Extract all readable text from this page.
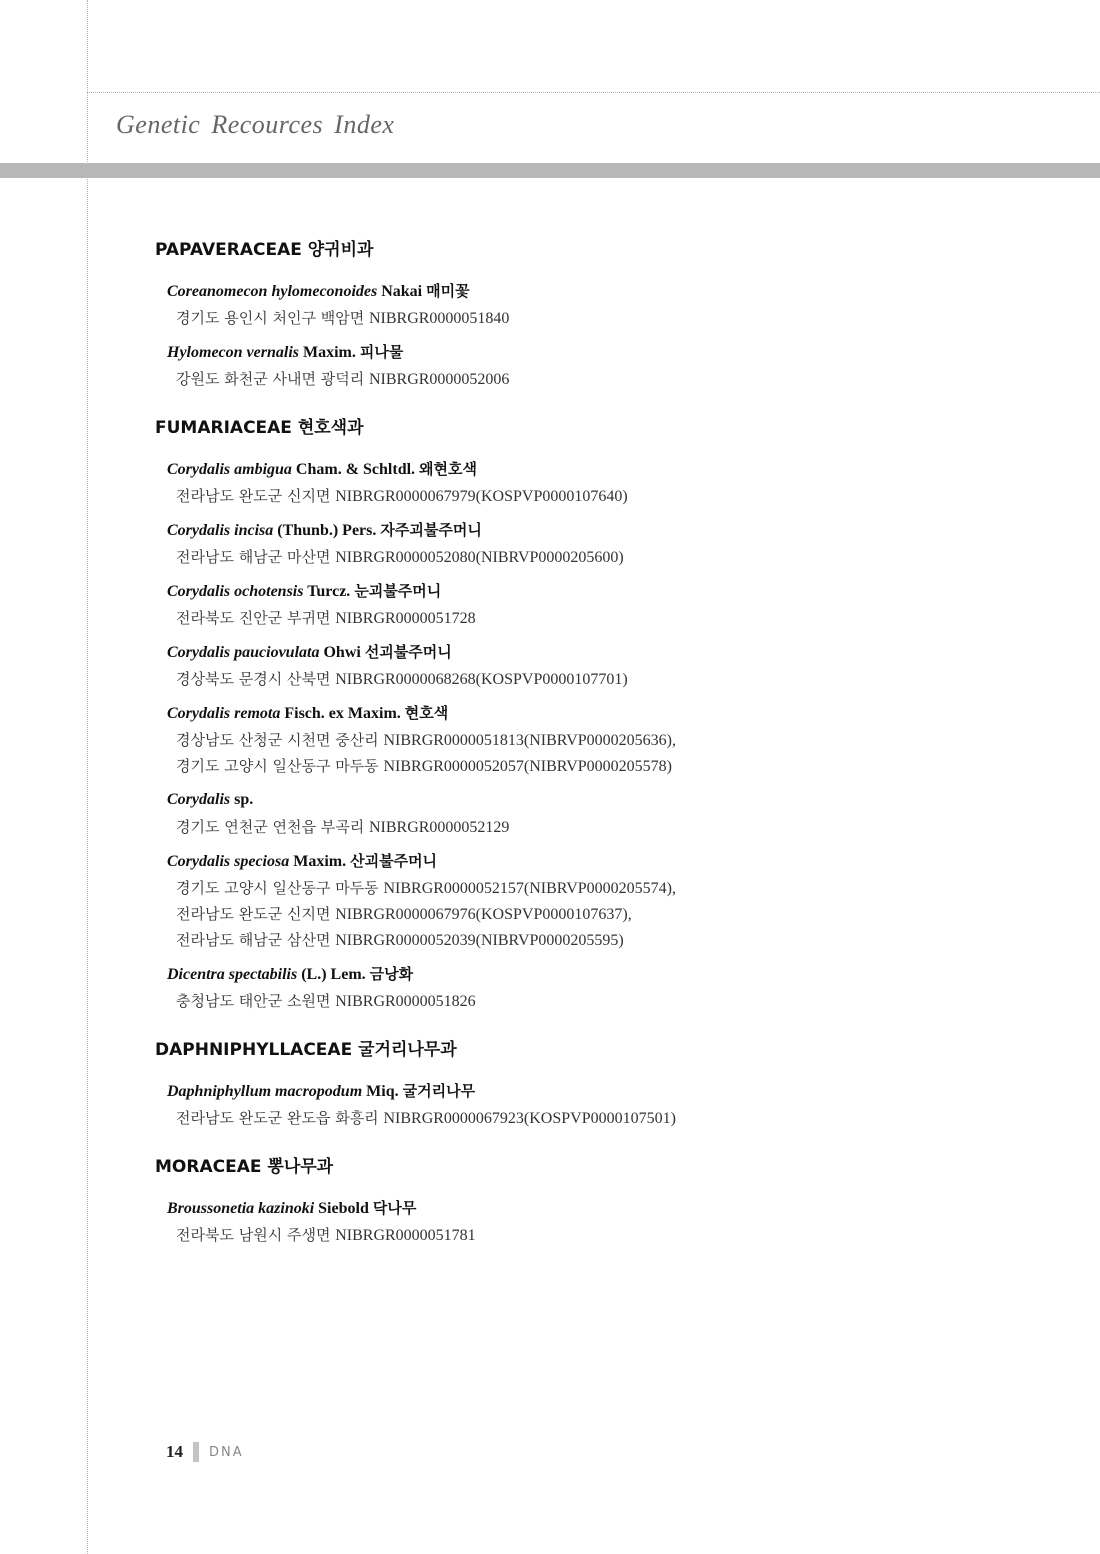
Genetic Recources Index
PAPAVERACEAE 양귀비과
Coreanomecon hylomeconoides Nakai 매미꽃
경기도 용인시 처인구 백암면 NIBRGR0000051840
Hylomecon vernalis Maxim. 피나물
강원도 화천군 사내면 광덕리 NIBRGR0000052006
FUMARIACEAE 현호색과
Corydalis ambigua Cham. & Schltdl. 왜현호색
전라남도 완도군 신지면 NIBRGR0000067979(KOSPVP0000107640)
Corydalis incisa (Thunb.) Pers. 자주괴불주머니
전라남도 해남군 마산면 NIBRGR0000052080(NIBRVP0000205600)
Corydalis ochotensis Turcz. 눈괴불주머니
전라북도 진안군 부귀면 NIBRGR0000051728
Corydalis pauciovulata Ohwi 선괴불주머니
경상북도 문경시 산북면 NIBRGR0000068268(KOSPVP0000107701)
Corydalis remota Fisch. ex Maxim. 현호색
경상남도 산청군 시천면 중산리 NIBRGR0000051813(NIBRVP0000205636),
경기도 고양시 일산동구 마두동 NIBRGR0000052057(NIBRVP0000205578)
Corydalis sp.
경기도 연천군 연천읍 부곡리 NIBRGR0000052129
Corydalis speciosa Maxim. 산괴불주머니
경기도 고양시 일산동구 마두동 NIBRGR0000052157(NIBRVP0000205574),
전라남도 완도군 신지면 NIBRGR0000067976(KOSPVP0000107637),
전라남도 해남군 삼산면 NIBRGR0000052039(NIBRVP0000205595)
Dicentra spectabilis (L.) Lem. 금낭화
충청남도 태안군 소원면 NIBRGR0000051826
DAPHNIPHYLLACEAE 굴거리나무과
Daphniphyllum macropodum Miq. 굴거리나무
전라남도 완도군 완도읍 화흥리 NIBRGR0000067923(KOSPVP0000107501)
MORACEAE 뽕나무과
Broussonetia kazinoki Siebold 닥나무
전라북도 남원시 주생면 NIBRGR0000051781
14 DNA
